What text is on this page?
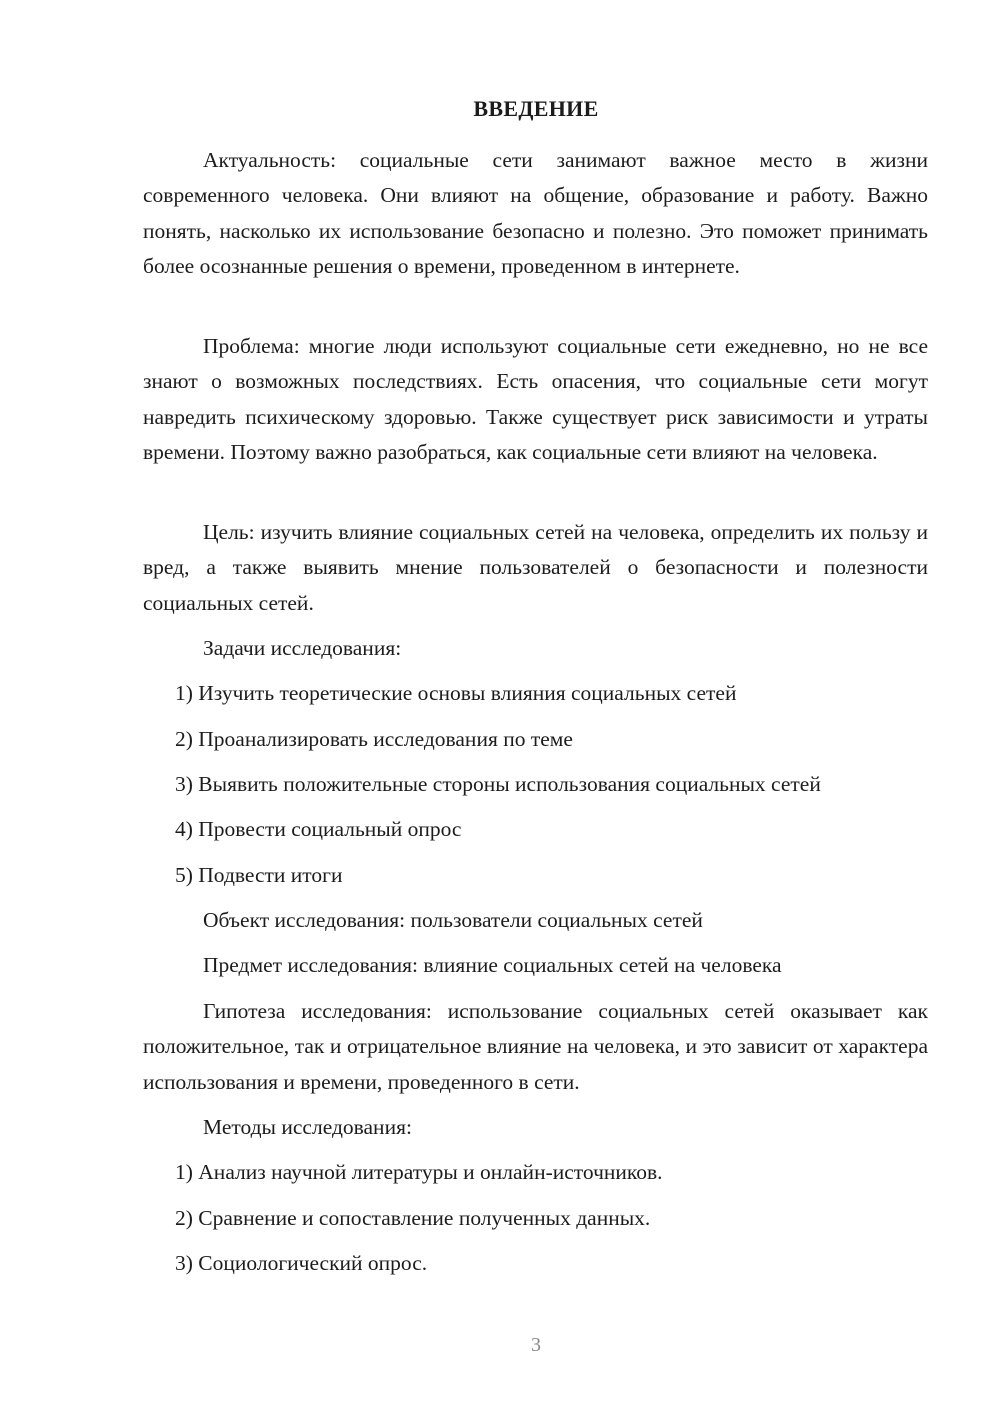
ВВЕДЕНИЕ

Актуальность: социальные сети занимают важное место в жизни современного человека. Они влияют на общение, образование и работу. Важно понять, насколько их использование безопасно и полезно. Это поможет принимать более осознанные решения о времени, проведенном в интернете.

Проблема: многие люди используют социальные сети ежедневно, но не все знают о возможных последствиях. Есть опасения, что социальные сети могут навредить психическому здоровью. Также существует риск зависимости и утраты времени. Поэтому важно разобраться, как социальные сети влияют на человека.

Цель: изучить влияние социальных сетей на человека, определить их пользу и вред, а также выявить мнение пользователей о безопасности и полезности социальных сетей.

Задачи исследования:

1) Изучить теоретические основы влияния социальных сетей

2) Проанализировать исследования по теме

3) Выявить положительные стороны использования социальных сетей

4) Провести социальный опрос

5) Подвести итоги

Объект исследования: пользователи социальных сетей

Предмет исследования: влияние социальных сетей на человека

Гипотеза исследования: использование социальных сетей оказывает как положительное, так и отрицательное влияние на человека, и это зависит от характера использования и времени, проведенного в сети.

Методы исследования:

1) Анализ научной литературы и онлайн-источников.

2) Сравнение и сопоставление полученных данных.

3) Социологический опрос.

3
